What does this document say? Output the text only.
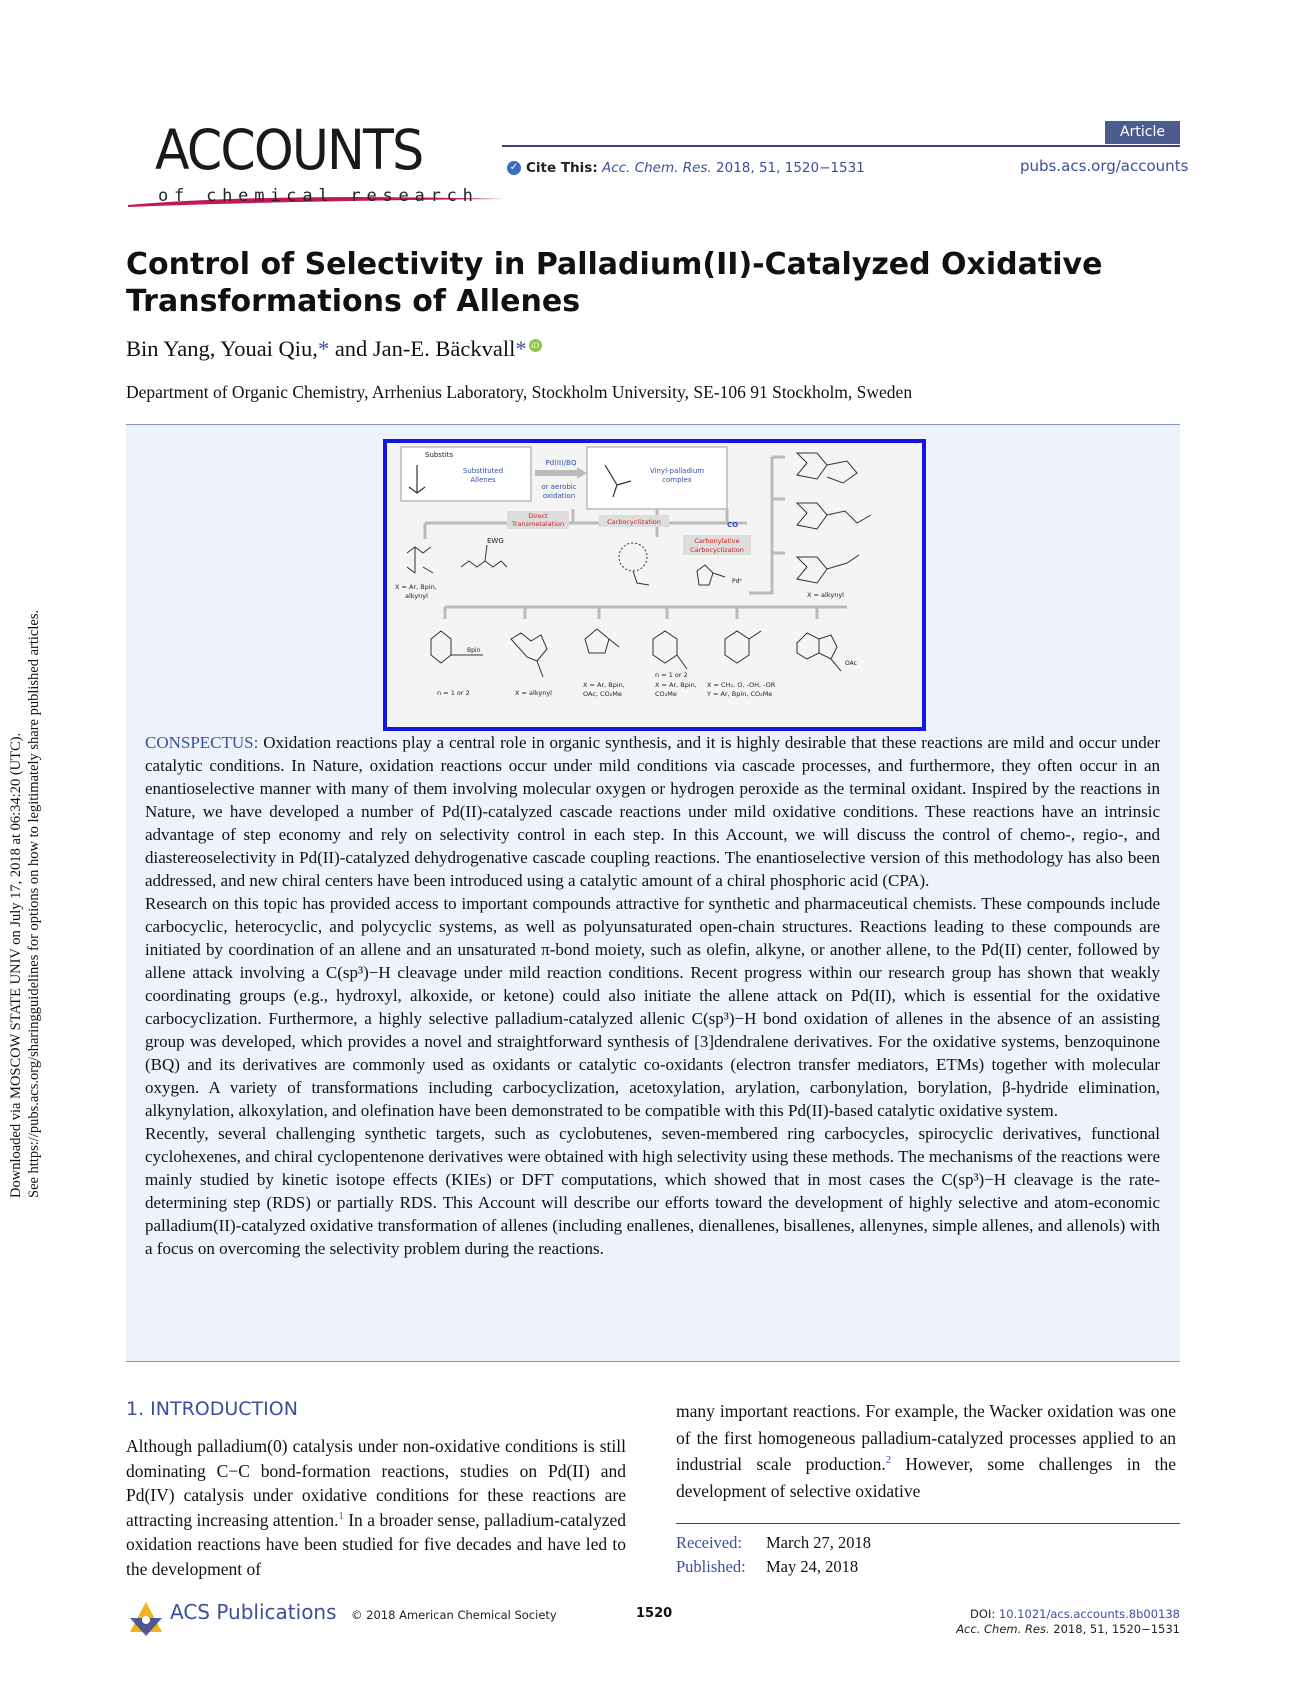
Downloaded via MOSCOW STATE UNIV on July 17, 2018 at 06:34:20 (UTC). See https://pubs.acs.org/sharingguidelines for options on how to legitimately share published articles.
ACCOUNTS
of chemical research
Article
✓ Cite This: Acc. Chem. Res. 2018, 51, 1520−1531	pubs.acs.org/accounts
Control of Selectivity in Palladium(II)-Catalyzed Oxidative
Transformations of Allenes
Bin Yang, Youai Qiu,* and Jan-E. Bäckvall* iD
Department of Organic Chemistry, Arrhenius Laboratory, Stockholm University, SE-106 91 Stockholm, Sweden
Substits
Substituted
Allenes
Pd(II)/BQ
or aerobic
oxidation
Vinyl-palladium
complex
Direct
Transmetalation	Carbocyclization	CO
Carbonylative
Carbocyclization
X = Ar, Bpin,
alkynyl
EWG
Pdᴵᴵ
X = alkynyl
Bpin
OAc
n = 1 or 2	X = alkynyl
X = Ar, Bpin,
OAc, CO₂Me
n = 1 or 2
X = Ar, Bpin,
CO₂Me
X = CH₂, O, -OH, -OR
Y = Ar, Bpin, CO₂Me

CONSPECTUS: Oxidation reactions play a central role in organic synthesis, and it is highly desirable that these reactions are mild and occur under catalytic conditions. In Nature, oxidation reactions occur under mild conditions via cascade processes, and furthermore, they often occur in an enantioselective manner with many of them involving molecular oxygen or hydrogen peroxide as the terminal oxidant. Inspired by the reactions in Nature, we have developed a number of Pd(II)-catalyzed cascade reactions under mild oxidative conditions. These reactions have an intrinsic advantage of step economy and rely on selectivity control in each step. In this Account, we will discuss the control of chemo-, regio-, and diastereoselectivity in Pd(II)-catalyzed dehydrogenative cascade coupling reactions. The enantioselective version of this methodology has also been addressed, and new chiral centers have been introduced using a catalytic amount of a chiral phosphoric acid (CPA).

Research on this topic has provided access to important compounds attractive for synthetic and pharmaceutical chemists. These compounds include carbocyclic, heterocyclic, and polycyclic systems, as well as polyunsaturated open-chain structures. Reactions leading to these compounds are initiated by coordination of an allene and an unsaturated π-bond moiety, such as olefin, alkyne, or another allene, to the Pd(II) center, followed by allene attack involving a C(sp³)−H cleavage under mild reaction conditions. Recent progress within our research group has shown that weakly coordinating groups (e.g., hydroxyl, alkoxide, or ketone) could also initiate the allene attack on Pd(II), which is essential for the oxidative carbocyclization. Furthermore, a highly selective palladium-catalyzed allenic C(sp³)−H bond oxidation of allenes in the absence of an assisting group was developed, which provides a novel and straightforward synthesis of [3]dendralene derivatives. For the oxidative systems, benzoquinone (BQ) and its derivatives are commonly used as oxidants or catalytic co-oxidants (electron transfer mediators, ETMs) together with molecular oxygen. A variety of transformations including carbocyclization, acetoxylation, arylation, carbonylation, borylation, β-hydride elimination, alkynylation, alkoxylation, and olefination have been demonstrated to be compatible with this Pd(II)-based catalytic oxidative system.

Recently, several challenging synthetic targets, such as cyclobutenes, seven-membered ring carbocycles, spirocyclic derivatives, functional cyclohexenes, and chiral cyclopentenone derivatives were obtained with high selectivity using these methods. The mechanisms of the reactions were mainly studied by kinetic isotope effects (KIEs) or DFT computations, which showed that in most cases the C(sp³)−H cleavage is the rate-determining step (RDS) or partially RDS. This Account will describe our efforts toward the development of highly selective and atom-economic palladium(II)-catalyzed oxidative transformation of allenes (including enallenes, dienallenes, bisallenes, allenynes, simple allenes, and allenols) with a focus on overcoming the selectivity problem during the reactions.

1. INTRODUCTION
Although palladium(0) catalysis under non-oxidative conditions is still dominating C−C bond-formation reactions, studies on Pd(II) and Pd(IV) catalysis under oxidative conditions for these reactions are attracting increasing attention.$^1$ In a broader sense, palladium-catalyzed oxidation reactions have been studied for five decades and have led to the development of
many important reactions. For example, the Wacker oxidation was one of the first homogeneous palladium-catalyzed processes applied to an industrial scale production.$^2$ However, some challenges in the development of selective oxidative
Received: March 27, 2018
Published: May 24, 2018
ACS Publications © 2018 American Chemical Society	1520	DOI: 10.1021/acs.accounts.8b00138
Acc. Chem. Res. 2018, 51, 1520−1531
